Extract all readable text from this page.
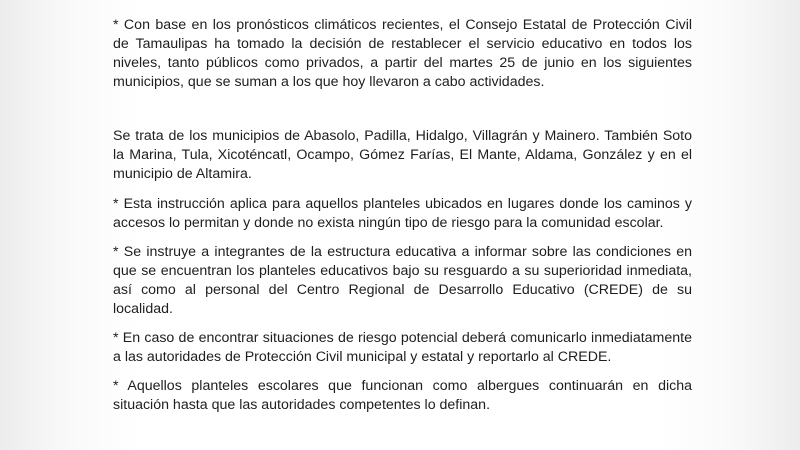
* Con base en los pronósticos climáticos recientes, el Consejo Estatal de Protección Civil de Tamaulipas ha tomado la decisión de restablecer el servicio educativo en todos los niveles, tanto públicos como privados, a partir del martes 25 de junio en los siguientes municipios, que se suman a los que hoy llevaron a cabo actividades.

Se trata de los municipios de Abasolo, Padilla, Hidalgo, Villagrán y Mainero. También Soto la Marina, Tula, Xicoténcatl, Ocampo, Gómez Farías, El Mante, Aldama, González y en el municipio de Altamira.

* Esta instrucción aplica para aquellos planteles ubicados en lugares donde los caminos y accesos lo permitan y donde no exista ningún tipo de riesgo para la comunidad escolar.

* Se instruye a integrantes de la estructura educativa a informar sobre las condiciones en que se encuentran los planteles educativos bajo su resguardo a su superioridad inmediata, así como al personal del Centro Regional de Desarrollo Educativo (CREDE) de su localidad.

* En caso de encontrar situaciones de riesgo potencial deberá comunicarlo inmediatamente a las autoridades de Protección Civil municipal y estatal y reportarlo al CREDE.

* Aquellos planteles escolares que funcionan como albergues continuarán en dicha situación hasta que las autoridades competentes lo definan.
